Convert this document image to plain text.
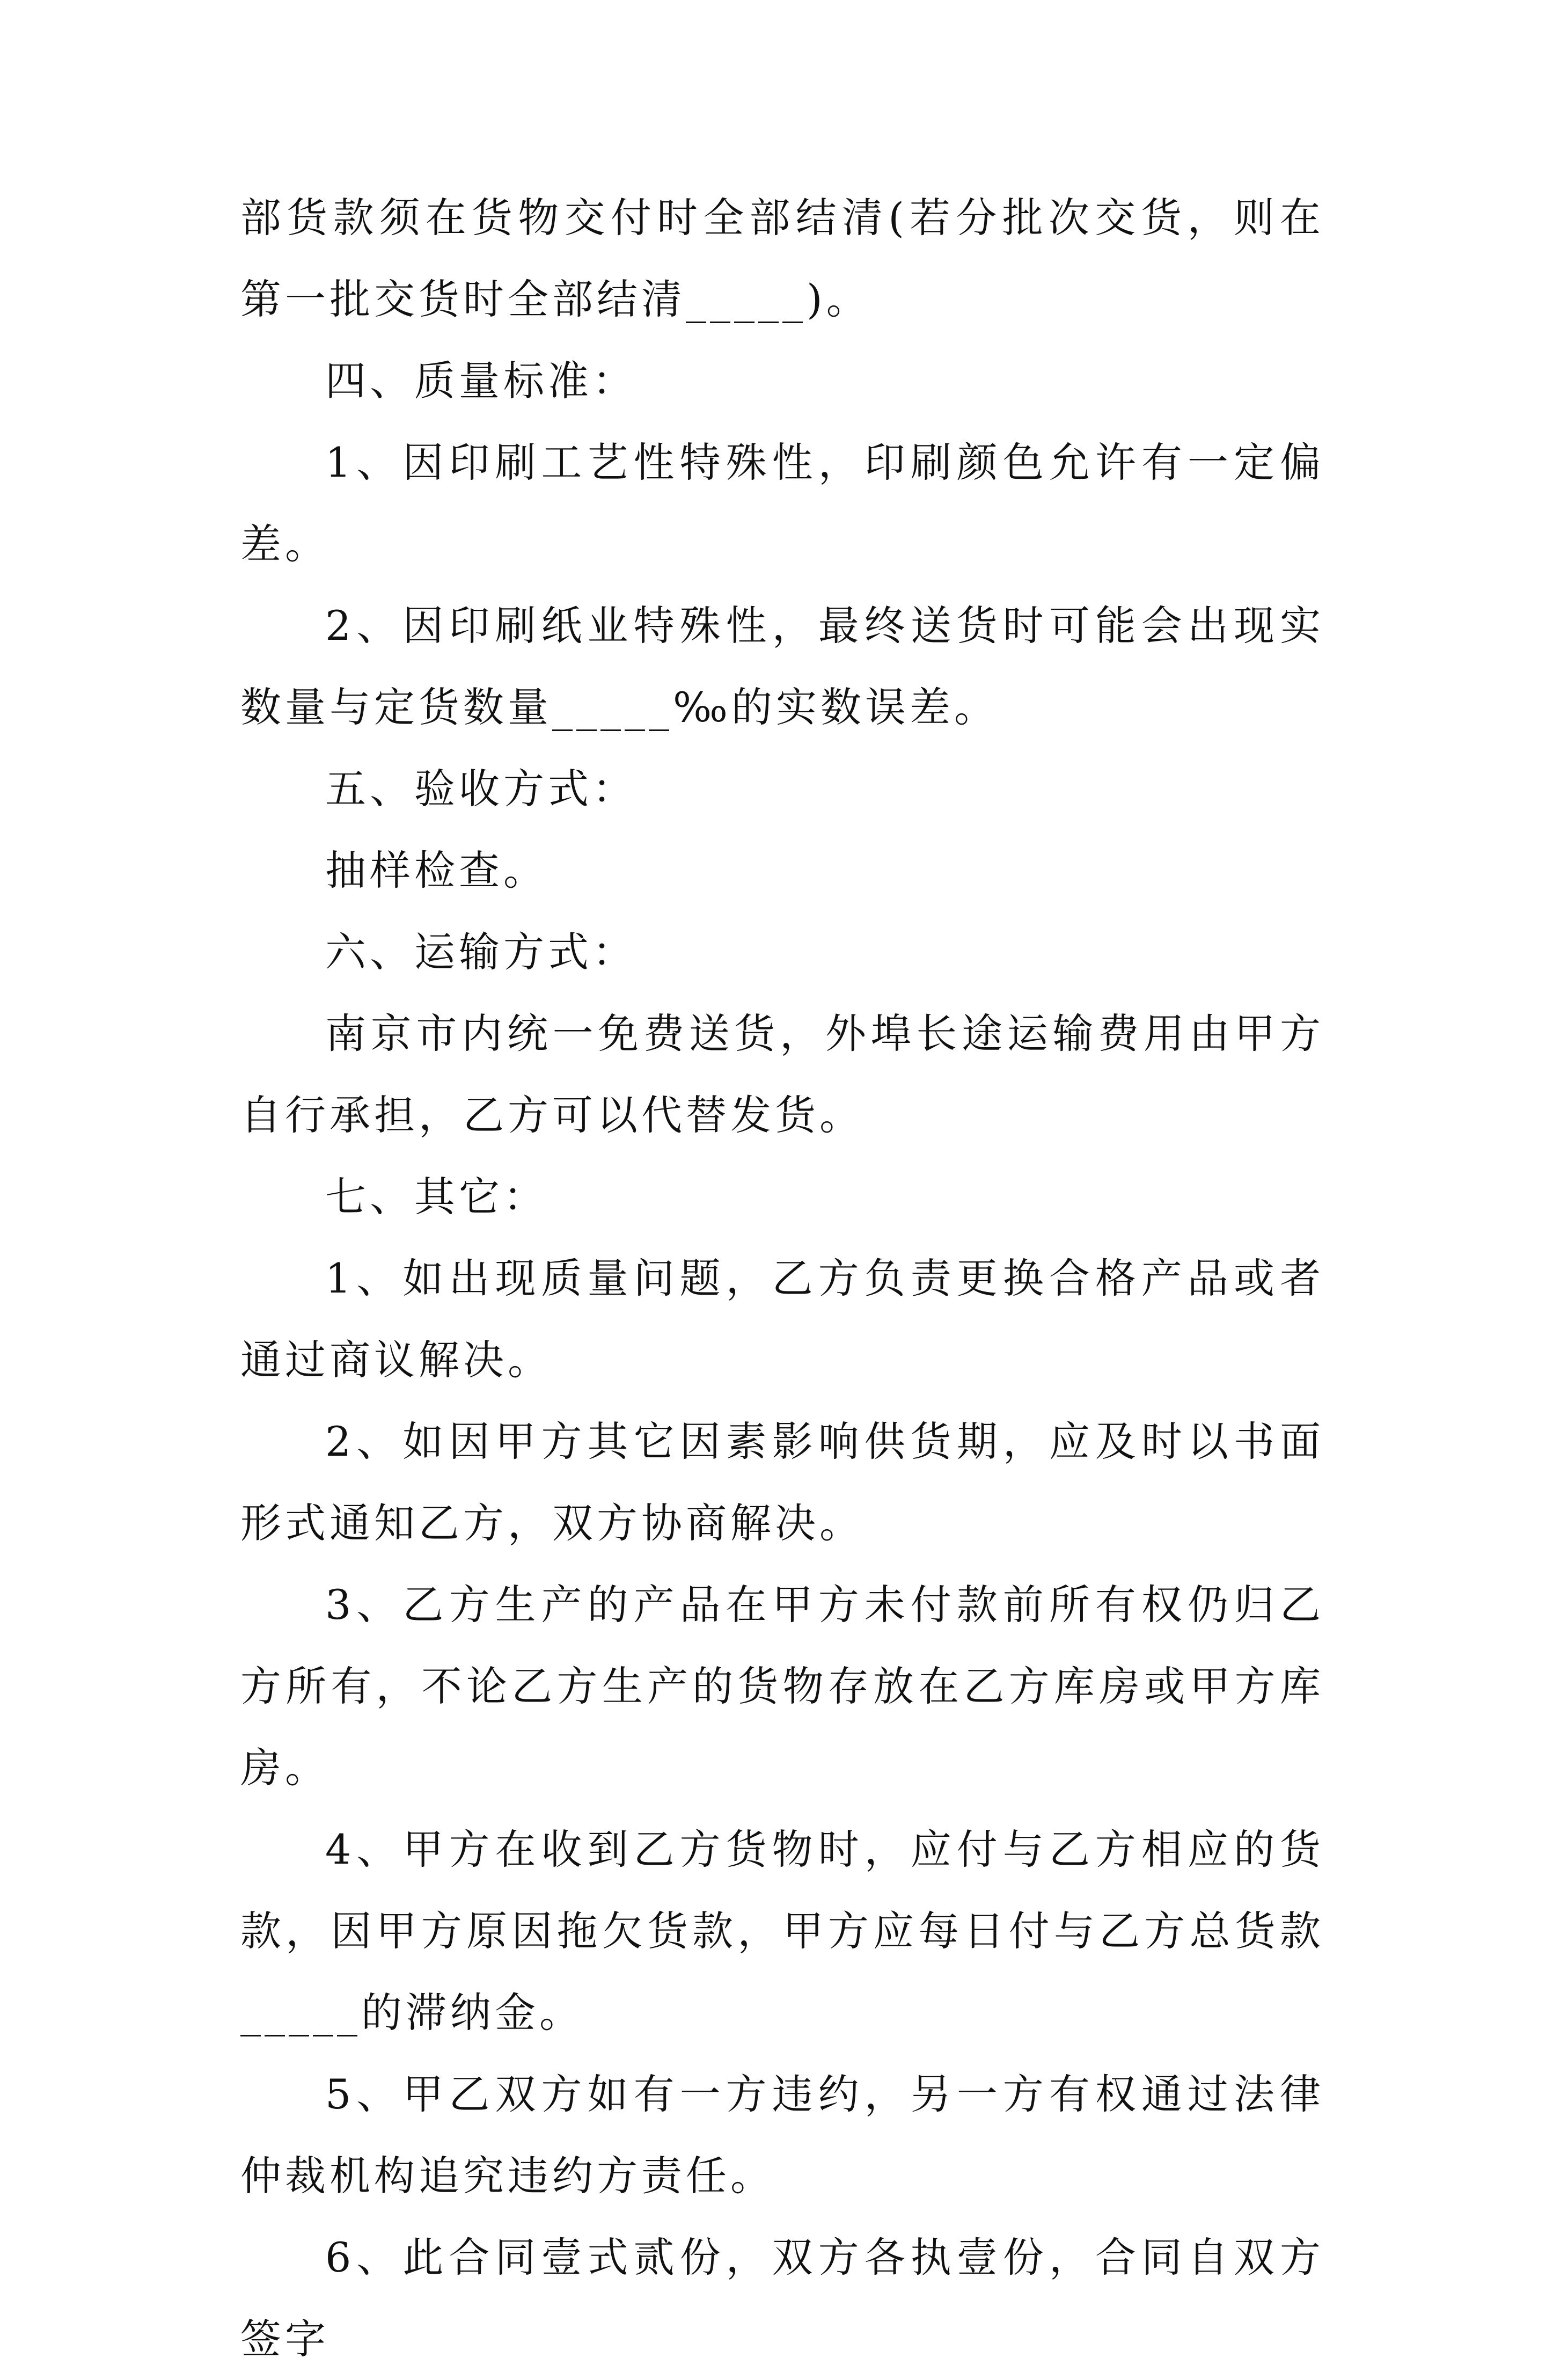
部货款须在货物交付时全部结清(若分批次交货，则在第一批交货时全部结清_____)。

四、质量标准：

1、因印刷工艺性特殊性，印刷颜色允许有一定偏差。

2、因印刷纸业特殊性，最终送货时可能会出现实数量与定货数量_____‰的实数误差。

五、验收方式：

抽样检查。

六、运输方式：

南京市内统一免费送货，外埠长途运输费用由甲方自行承担，乙方可以代替发货。

七、其它：

1、如出现质量问题，乙方负责更换合格产品或者通过商议解决。

2、如因甲方其它因素影响供货期，应及时以书面形式通知乙方，双方协商解决。

3、乙方生产的产品在甲方未付款前所有权仍归乙方所有，不论乙方生产的货物存放在乙方库房或甲方库房。

4、甲方在收到乙方货物时，应付与乙方相应的货款，因甲方原因拖欠货款，甲方应每日付与乙方总货款_____的滞纳金。

5、甲乙双方如有一方违约，另一方有权通过法律仲裁机构追究违约方责任。

6、此合同壹式贰份，双方各执壹份，合同自双方签字
